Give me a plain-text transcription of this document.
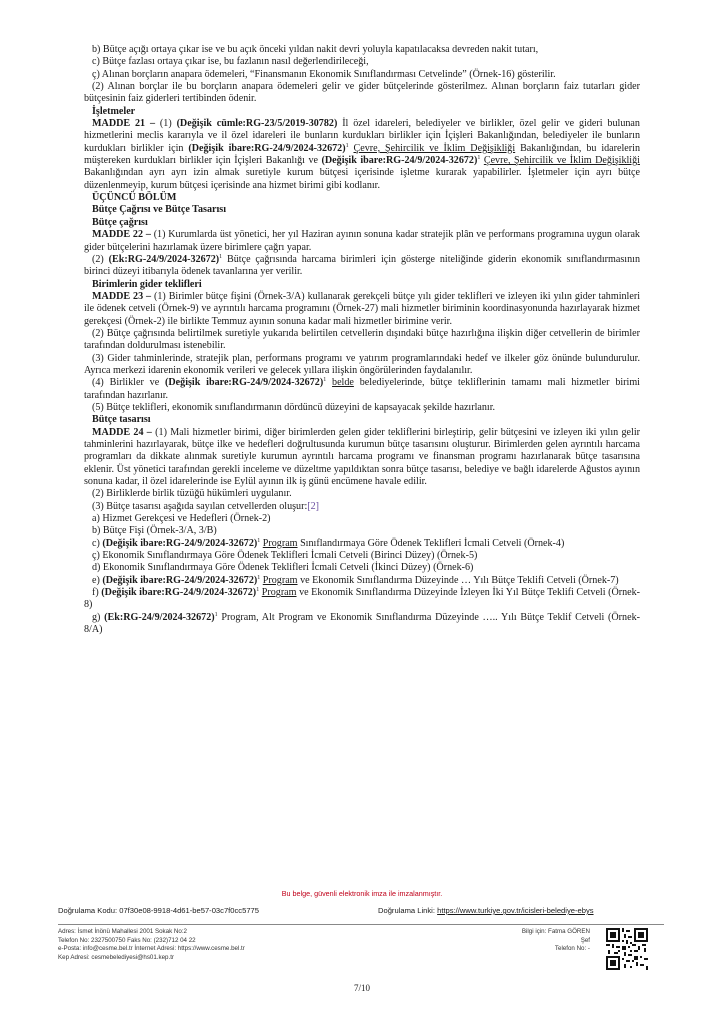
b) Bütçe açığı ortaya çıkar ise ve bu açık önceki yıldan nakit devri yoluyla kapatılacaksa devreden nakit tutarı,

c) Bütçe fazlası ortaya çıkar ise, bu fazlanın nasıl değerlendirileceği,

ç) Alınan borçların anapara ödemeleri, “Finansmanın Ekonomik Sınıflandırması Cetvelinde” (Örnek-16) gösterilir.

(2) Alınan borçlar ile bu borçların anapara ödemeleri gelir ve gider bütçelerinde gösterilmez. Alınan borçların faiz tutarları gider bütçesinin faiz giderleri tertibinden ödenir.

İşletmeler

MADDE 21 – (1) (Değişik cümle:RG-23/5/2019-30782) İl özel idareleri, belediyeler ve birlikler, özel gelir ve gideri bulunan hizmetlerini meclis kararıyla ve il özel idareleri ile bunların kurdukları birlikler için İçişleri Bakanlığından, belediyeler ile bunların kurdukları birlikler için (Değişik ibare:RG-24/9/2024-32672)$^1$ Çevre, Şehircilik ve İklim Değişikliği Bakanlığından, bu idarelerin müştereken kurdukları birlikler için İçişleri Bakanlığı ve (Değişik ibare:RG-24/9/2024-32672)$^1$ Çevre, Şehircilik ve İklim Değişikliği Bakanlığından ayrı ayrı izin almak suretiyle kurum bütçesi içerisinde işletme kurarak yapabilirler. İşletmeler için ayrı bütçe düzenlenmeyip, kurum bütçesi içerisinde ana hizmet birimi gibi kodlanır.

ÜÇÜNCÜ BÖLÜM

Bütçe Çağrısı ve Bütçe Tasarısı

Bütçe çağrısı

MADDE 22 – (1) Kurumlarda üst yönetici, her yıl Haziran ayının sonuna kadar stratejik plân ve performans programına uygun olarak gider bütçelerini hazırlamak üzere birimlere çağrı yapar.

(2) (Ek:RG-24/9/2024-32672)$^1$ Bütçe çağrısında harcama birimleri için gösterge niteliğinde giderin ekonomik sınıflandırmasının birinci düzeyi itibarıyla ödenek tavanlarına yer verilir.

Birimlerin gider teklifleri

MADDE 23 – (1) Birimler bütçe fişini (Örnek-3/A) kullanarak gerekçeli bütçe yılı gider teklifleri ve izleyen iki yılın gider tahminleri ile ödenek cetveli (Örnek-9) ve ayrıntılı harcama programını (Örnek-27) mali hizmetler biriminin koordinasyonunda hazırlayarak hizmet gerekçesi (Örnek-2) ile birlikte Temmuz ayının sonuna kadar mali hizmetler birimine verir.

(2) Bütçe çağrısında belirtilmek suretiyle yukarıda belirtilen cetvellerin dışındaki bütçe hazırlığına ilişkin diğer cetvellerin de birimler tarafından doldurulması istenebilir.

(3) Gider tahminlerinde, stratejik plan, performans programı ve yatırım programlarındaki hedef ve ilkeler göz önünde bulundurulur. Ayrıca merkezi idarenin ekonomik verileri ve gelecek yıllara ilişkin öngörülerinden faydalanılır.

(4) Birlikler ve (Değişik ibare:RG-24/9/2024-32672)$^1$ belde belediyelerinde, bütçe tekliflerinin tamamı mali hizmetler birimi tarafından hazırlanır.

(5) Bütçe teklifleri, ekonomik sınıflandırmanın dördüncü düzeyini de kapsayacak şekilde hazırlanır.

Bütçe tasarısı

MADDE 24 – (1) Mali hizmetler birimi, diğer birimlerden gelen gider tekliflerini birleştirip, gelir bütçesini ve izleyen iki yılın gelir tahminlerini hazırlayarak, bütçe ilke ve hedefleri doğrultusunda kurumun bütçe tasarısını oluşturur. Birimlerden gelen ayrıntılı harcama programları da dikkate alınmak suretiyle kurumun ayrıntılı harcama programı ve finansman programı hazırlanarak bütçe tasarısına eklenir. Üst yönetici tarafından gerekli inceleme ve düzeltme yapıldıktan sonra bütçe tasarısı, belediye ve bağlı idarelerde Ağustos ayının sonuna kadar, il özel idarelerinde ise Eylül ayının ilk iş günü encümene havale edilir.

(2) Birliklerde birlik tüzüğü hükümleri uygulanır.

(3) Bütçe tasarısı aşağıda sayılan cetvellerden oluşur:[2]

a) Hizmet Gerekçesi ve Hedefleri (Örnek-2)

b) Bütçe Fişi (Örnek-3/A, 3/B)

c) (Değişik ibare:RG-24/9/2024-32672)$^1$ Program Sınıflandırmaya Göre Ödenek Teklifleri İcmali Cetveli (Örnek-4)

ç) Ekonomik Sınıflandırmaya Göre Ödenek Teklifleri İcmali Cetveli (Birinci Düzey) (Örnek-5)

d) Ekonomik Sınıflandırmaya Göre Ödenek Teklifleri İcmali Cetveli (İkinci Düzey) (Örnek-6)

e) (Değişik ibare:RG-24/9/2024-32672)$^1$ Program ve Ekonomik Sınıflandırma Düzeyinde … Yılı Bütçe Teklifi Cetveli (Örnek-7)

f) (Değişik ibare:RG-24/9/2024-32672)$^1$ Program ve Ekonomik Sınıflandırma Düzeyinde İzleyen İki Yıl Bütçe Teklifi Cetveli (Örnek-8)

g) (Ek:RG-24/9/2024-32672)$^1$ Program, Alt Program ve Ekonomik Sınıflandırma Düzeyinde ….. Yılı Bütçe Teklif Cetveli (Örnek-8/A)

Bu belge, güvenli elektronik imza ile imzalanmıştır.
Doğrulama Kodu: 07f30e08-9918-4d61-be57-03c7f0cc5775	Doğrulama Linki: https://www.turkiye.gov.tr/icisleri-belediye-ebys
Adres: İsmet İnönü Mahallesi 2001 Sokak No:2
Telefon No: 2327500750 Faks No: (232)712 04 22
e-Posta: info@cesme.bel.tr İnternet Adresi: https://www.cesme.bel.tr
Kep Adresi: cesmebelediyesi@hs01.kep.tr
Bilgi için: Fatma GÖREN
Şef
Telefon No: -
7/10
